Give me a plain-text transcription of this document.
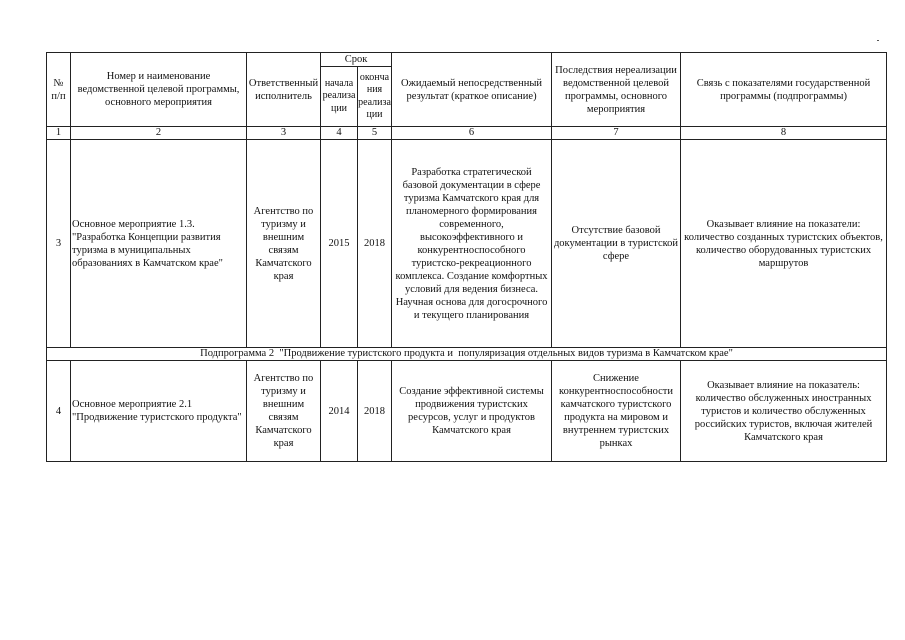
№ п/п	Номер и наименование ведомственной целевой программы, основного мероприятия	Ответственный исполнитель	Срок		Ожидаемый непосредственный результат (краткое описание)	Последствия нереализации ведомственной целевой программы, основного мероприятия	Связь с показателями государственной программы (подпрограммы)
			начала реализации	окончания реализации			
1	2	3	4	5	6	7	8
3	Основное мероприятие 1.3. "Разработка Концепции развития туризма в муниципальных образованиях в Камчатском крае"	Агентство по туризму и внешним связям Камчатского края	2015	2018	Разработка стратегической базовой документации в сфере туризма Камчатского края для планомерного формирования современного, высокоэффективного и конкурентноспособного туристско-рекреационного комплекса. Создание комфортных условий для ведения бизнеса. Научная основа для догосрочного и текущего планирования	Отсутствие базовой документации в туристской сфере	Оказывает влияние на показатели: количество созданных туристских объектов, количество оборудованных туристских маршрутов
Подпрограмма 2  "Продвижение туристского продукта и  популяризация отдельных видов туризма в Камчатском крае"							
4	Основное мероприятие 2.1 "Продвижение туристского продукта"	Агентство по туризму и внешним связям Камчатского края	2014	2018	Создание эффективной системы продвижения туристских ресурсов, услуг и продуктов Камчатского края	Снижение конкурентноспособности камчатского туристского продукта на мировом и внутреннем туристских рынках	Оказывает влияние на показатель: количество обслуженных иностранных туристов и количество обслуженных российских туристов, включая жителей Камчатского края
